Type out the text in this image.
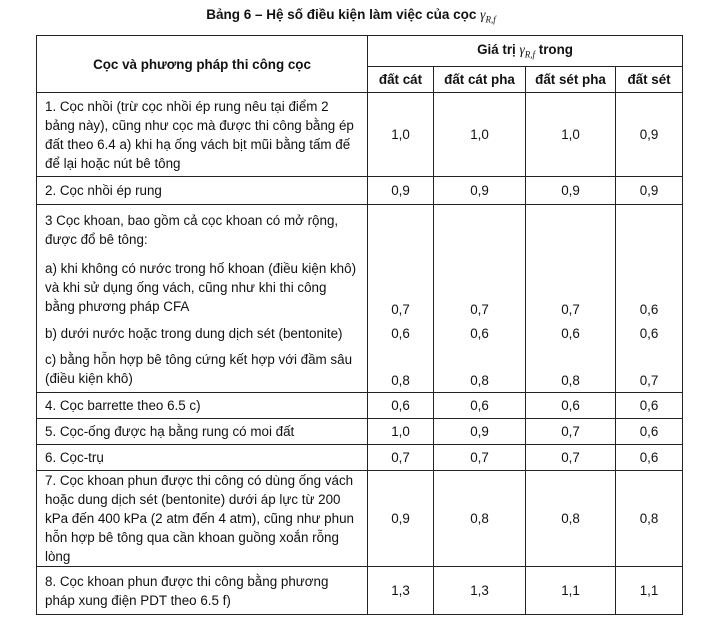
Bảng 6 – Hệ số điều kiện làm việc của cọc $\gamma_{R,f}$
Cọc và phương pháp thi công cọc	Giá trị $\gamma_{R,f}$ trong			
	đất cát	đất cát pha	đất sét pha	đất sét
1. Cọc nhồi (trừ cọc nhồi ép rung nêu tại điểm 2 bảng này), cũng như cọc mà được thi công bằng ép đất theo 6.4 a) khi hạ ống vách bịt mũi bằng tấm đế để lại hoặc nút bê tông	1,0	1,0	1,0	0,9
2. Cọc nhồi ép rung	0,9	0,9	0,9	0,9

3 Cọc khoan, bao gồm cả cọc khoan có mở rộng, được đổ bê tông:
a) khi không có nước trong hố khoan (điều kiện khô) và khi sử dụng ống vách, cũng như khi thi công bằng phương pháp CFA	0,7	0,7	0,7	0,6
b) dưới nước hoặc trong dung dịch sét (bentonite)	0,6	0,6	0,6	0,6
c) bằng hỗn hợp bê tông cứng kết hợp với đầm sâu (điều kiện khô)	0,8	0,8	0,8	0,7
4. Cọc barrette theo 6.5 c)	0,6	0,6	0,6	0,6
5. Cọc-ống được hạ bằng rung có moi đất	1,0	0,9	0,7	0,6
6. Cọc-trụ	0,7	0,7	0,7	0,6
7. Cọc khoan phun được thi công có dùng ống vách hoặc dung dịch sét (bentonite) dưới áp lực từ 200 kPa đến 400 kPa (2 atm đến 4 atm), cũng như phun hỗn hợp bê tông qua cần khoan guồng xoắn rỗng lòng	0,9	0,8	0,8	0,8
8. Cọc khoan phun được thi công bằng phương pháp xung điện PDT theo 6.5 f)	1,3	1,3	1,1	1,1
